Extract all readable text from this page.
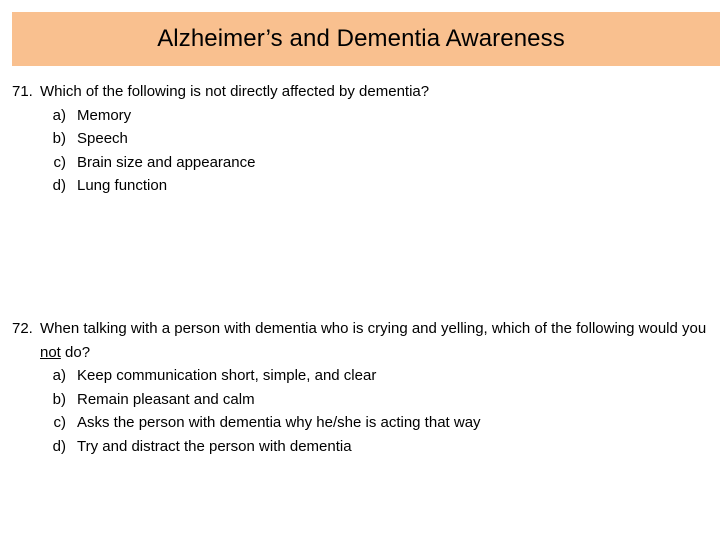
Alzheimer’s and Dementia Awareness
71. Which of the following is not directly affected by dementia?
a) Memory
b) Speech
c) Brain size and appearance
d) Lung function
72. When talking with a person with dementia who is crying and yelling, which of the following would you not do?
a) Keep communication short, simple, and clear
b) Remain pleasant and calm
c) Asks the person with dementia why he/she is acting that way
d) Try and distract the person with dementia
